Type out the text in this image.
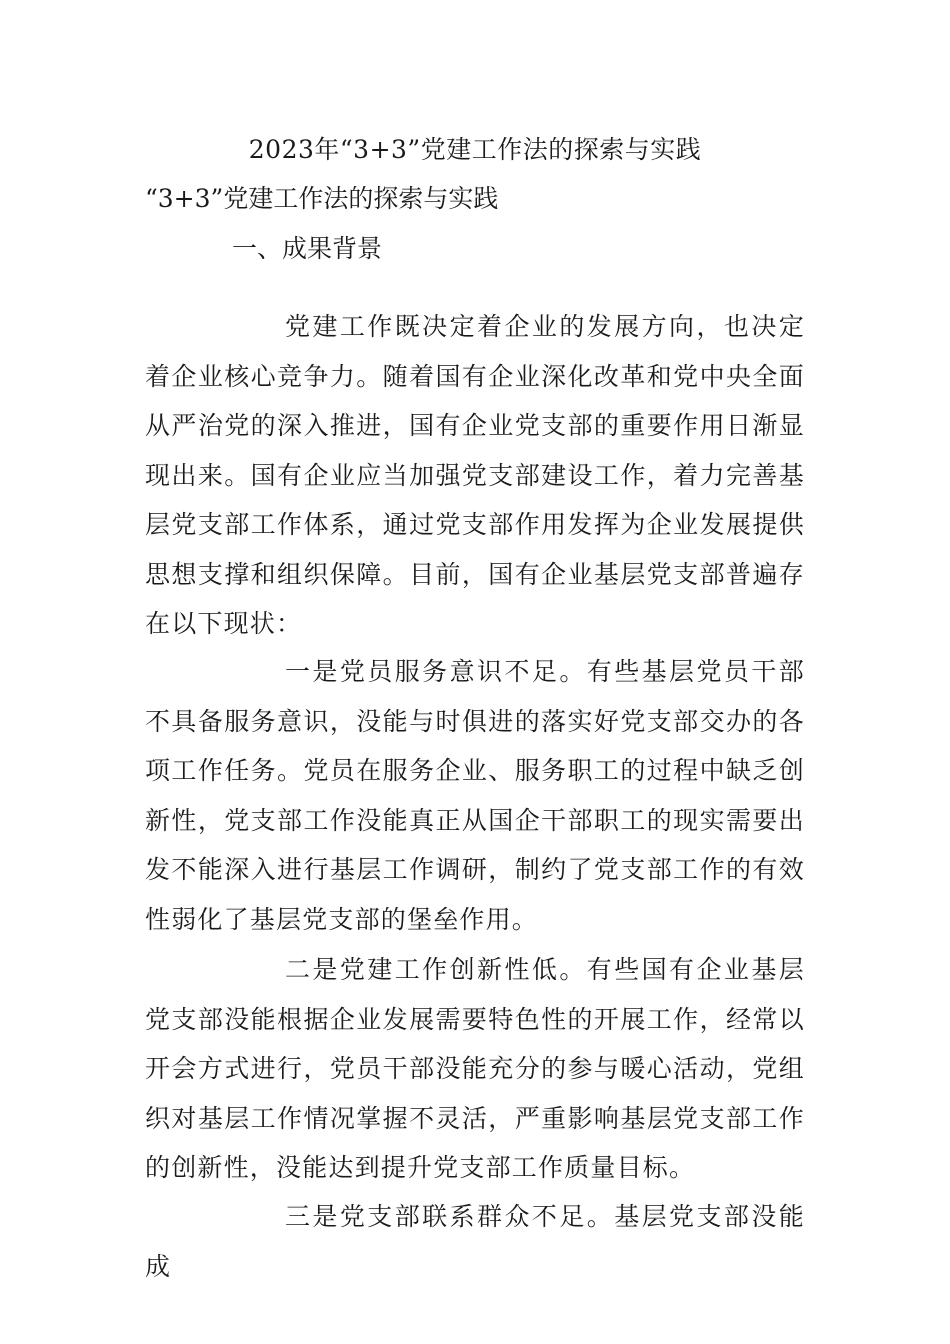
2023年“3+3”党建工作法的探索与实践
“3+3”党建工作法的探索与实践
一、成果背景

党建工作既决定着企业的发展方向，也决定着企业核心竞争力。随着国有企业深化改革和党中央全面从严治党的深入推进，国有企业党支部的重要作用日渐显现出来。国有企业应当加强党支部建设工作，着力完善基层党支部工作体系，通过党支部作用发挥为企业发展提供思想支撑和组织保障。目前，国有企业基层党支部普遍存在以下现状：

一是党员服务意识不足。有些基层党员干部不具备服务意识，没能与时俱进的落实好党支部交办的各项工作任务。党员在服务企业、服务职工的过程中缺乏创新性，党支部工作没能真正从国企干部职工的现实需要出发不能深入进行基层工作调研，制约了党支部工作的有效性弱化了基层党支部的堡垒作用。

二是党建工作创新性低。有些国有企业基层党支部没能根据企业发展需要特色性的开展工作，经常以开会方式进行，党员干部没能充分的参与暖心活动，党组织对基层工作情况掌握不灵活，严重影响基层党支部工作的创新性，没能达到提升党支部工作质量目标。

三是党支部联系群众不足。基层党支部没能成
